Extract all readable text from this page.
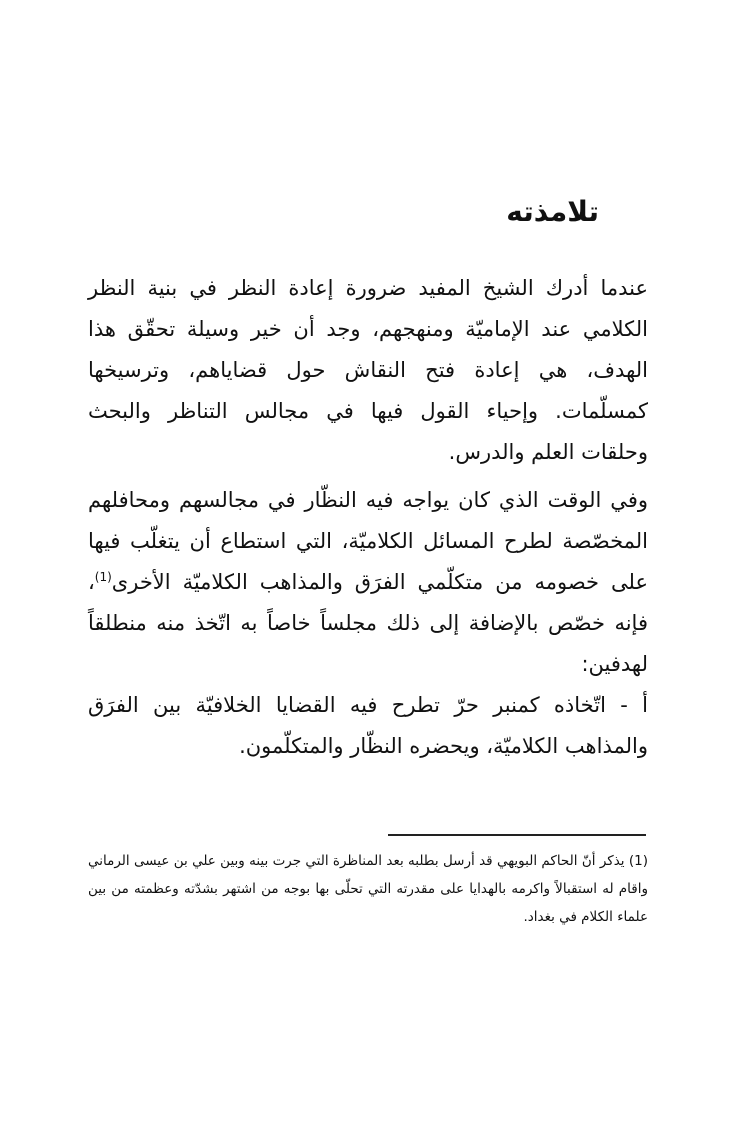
تلامذته

عندما أدرك الشيخ المفيد ضرورة إعادة النظر في بنية النظر الكلامي عند الإماميّة ومنهجهم، وجد أن خير وسيلة تحقّق هذا الهدف، هي إعادة فتح النقاش حول قضاياهم، وترسيخها كمسلّمات. وإحياء القول فيها في مجالس التناظر والبحث وحلقات العلم والدرس.

وفي الوقت الذي كان يواجه فيه النظّار في مجالسهم ومحافلهم المخصّصة لطرح المسائل الكلاميّة، التي استطاع أن يتغلّب فيها على خصومه من متكلّمي الفرَق والمذاهب الكلاميّة الأخرى$^{(1)}$، فإنه خصّص بالإضافة إلى ذلك مجلساً خاصاً به اتّخذ منه منطلقاً لهدفين:

أ - اتّخاذه كمنبر حرّ تطرح فيه القضايا الخلافيّة بين الفرَق والمذاهب الكلاميّة، ويحضره النظّار والمتكلّمون.

(1) يذكر أنّ الحاكم البويهي قد أرسل بطلبه بعد المناظرة التي جرت بينه وبين علي بن عيسى الرماني واقام له استقبالاً واكرمه بالهدايا على مقدرته التي تحلّى بها بوجه من اشتهر بشدّته وعظمته من بين علماء الكلام في بغداد.
